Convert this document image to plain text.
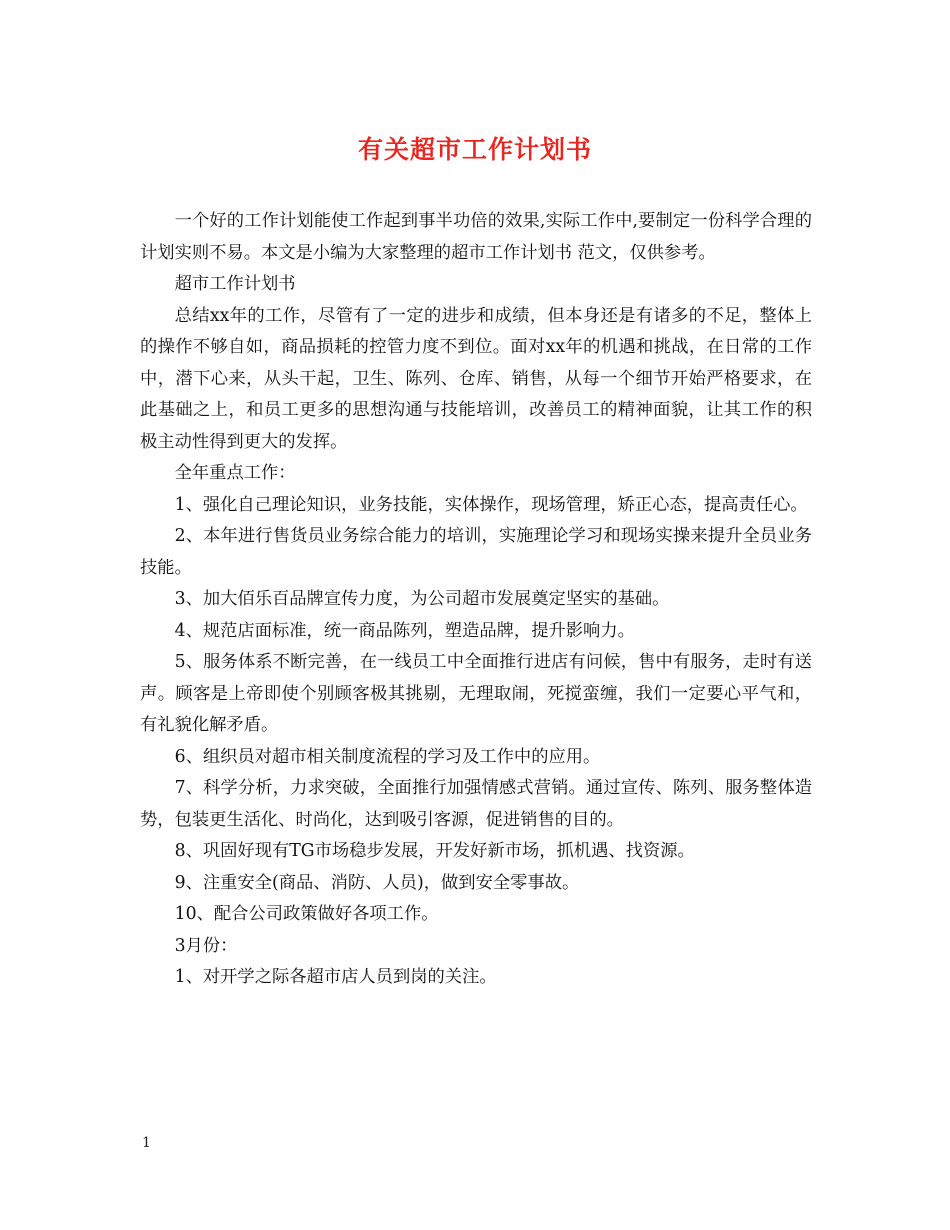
有关超市工作计划书

一个好的工作计划能使工作起到事半功倍的效果,实际工作中,要制定一份科学合理的计划实则不易。本文是小编为大家整理的超市工作计划书 范文，仅供参考。

超市工作计划书

总结xx年的工作，尽管有了一定的进步和成绩，但本身还是有诸多的不足，整体上的操作不够自如，商品损耗的控管力度不到位。面对xx年的机遇和挑战，在日常的工作中，潜下心来，从头干起，卫生、陈列、仓库、销售，从每一个细节开始严格要求，在此基础之上，和员工更多的思想沟通与技能培训，改善员工的精神面貌，让其工作的积极主动性得到更大的发挥。

全年重点工作：

1、强化自己理论知识，业务技能，实体操作，现场管理，矫正心态，提高责任心。

2、本年进行售货员业务综合能力的培训，实施理论学习和现场实操来提升全员业务技能。

3、加大佰乐百品牌宣传力度，为公司超市发展奠定坚实的基础。

4、规范店面标准，统一商品陈列，塑造品牌，提升影响力。

5、服务体系不断完善，在一线员工中全面推行进店有问候，售中有服务，走时有送声。顾客是上帝即使个别顾客极其挑剔，无理取闹，死搅蛮缠，我们一定要心平气和，有礼貌化解矛盾。

6、组织员对超市相关制度流程的学习及工作中的应用。

7、科学分析，力求突破，全面推行加强情感式营销。通过宣传、陈列、服务整体造势，包装更生活化、时尚化，达到吸引客源，促进销售的目的。

8、巩固好现有TG市场稳步发展，开发好新市场，抓机遇、找资源。

9、注重安全(商品、消防、人员)，做到安全零事故。

10、配合公司政策做好各项工作。

3月份：

1、对开学之际各超市店人员到岗的关注。

1
